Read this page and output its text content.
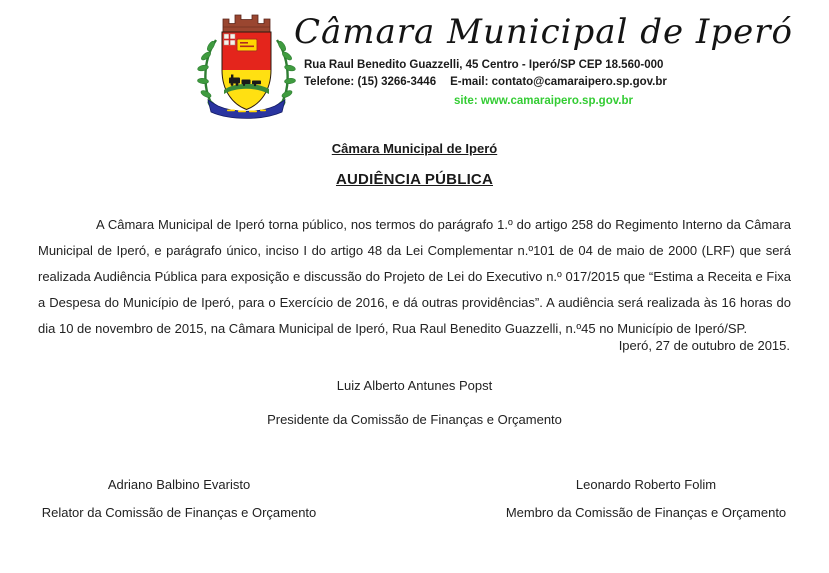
Câmara Municipal de Iperó
Rua Raul Benedito Guazzelli, 45 Centro - Iperó/SP CEP 18.560-000
Telefone: (15) 3266-3446 E-mail: contato@camaraipero.sp.gov.br
site: www.camaraipero.sp.gov.br
Câmara Municipal de Iperó
AUDIÊNCIA PÚBLICA

A Câmara Municipal de Iperó torna público, nos termos do parágrafo 1.º do artigo 258 do Regimento Interno da Câmara Municipal de Iperó, e parágrafo único, inciso I do artigo 48 da Lei Complementar n.º101 de 04 de maio de 2000 (LRF) que será realizada Audiência Pública para exposição e discussão do Projeto de Lei do Executivo n.º 017/2015 que “Estima a Receita e Fixa a Despesa do Município de Iperó, para o Exercício de 2016, e dá outras providências”. A audiência será realizada às 16 horas do dia 10 de novembro de 2015, na Câmara Municipal de Iperó, Rua Raul Benedito Guazzelli, n.º45 no Município de Iperó/SP.

Iperó, 27 de outubro de 2015.
Luiz Alberto Antunes Popst
Presidente da Comissão de Finanças e Orçamento
Adriano Balbino Evaristo
Relator da Comissão de Finanças e Orçamento
Leonardo Roberto Folim
Membro da Comissão de Finanças e Orçamento
